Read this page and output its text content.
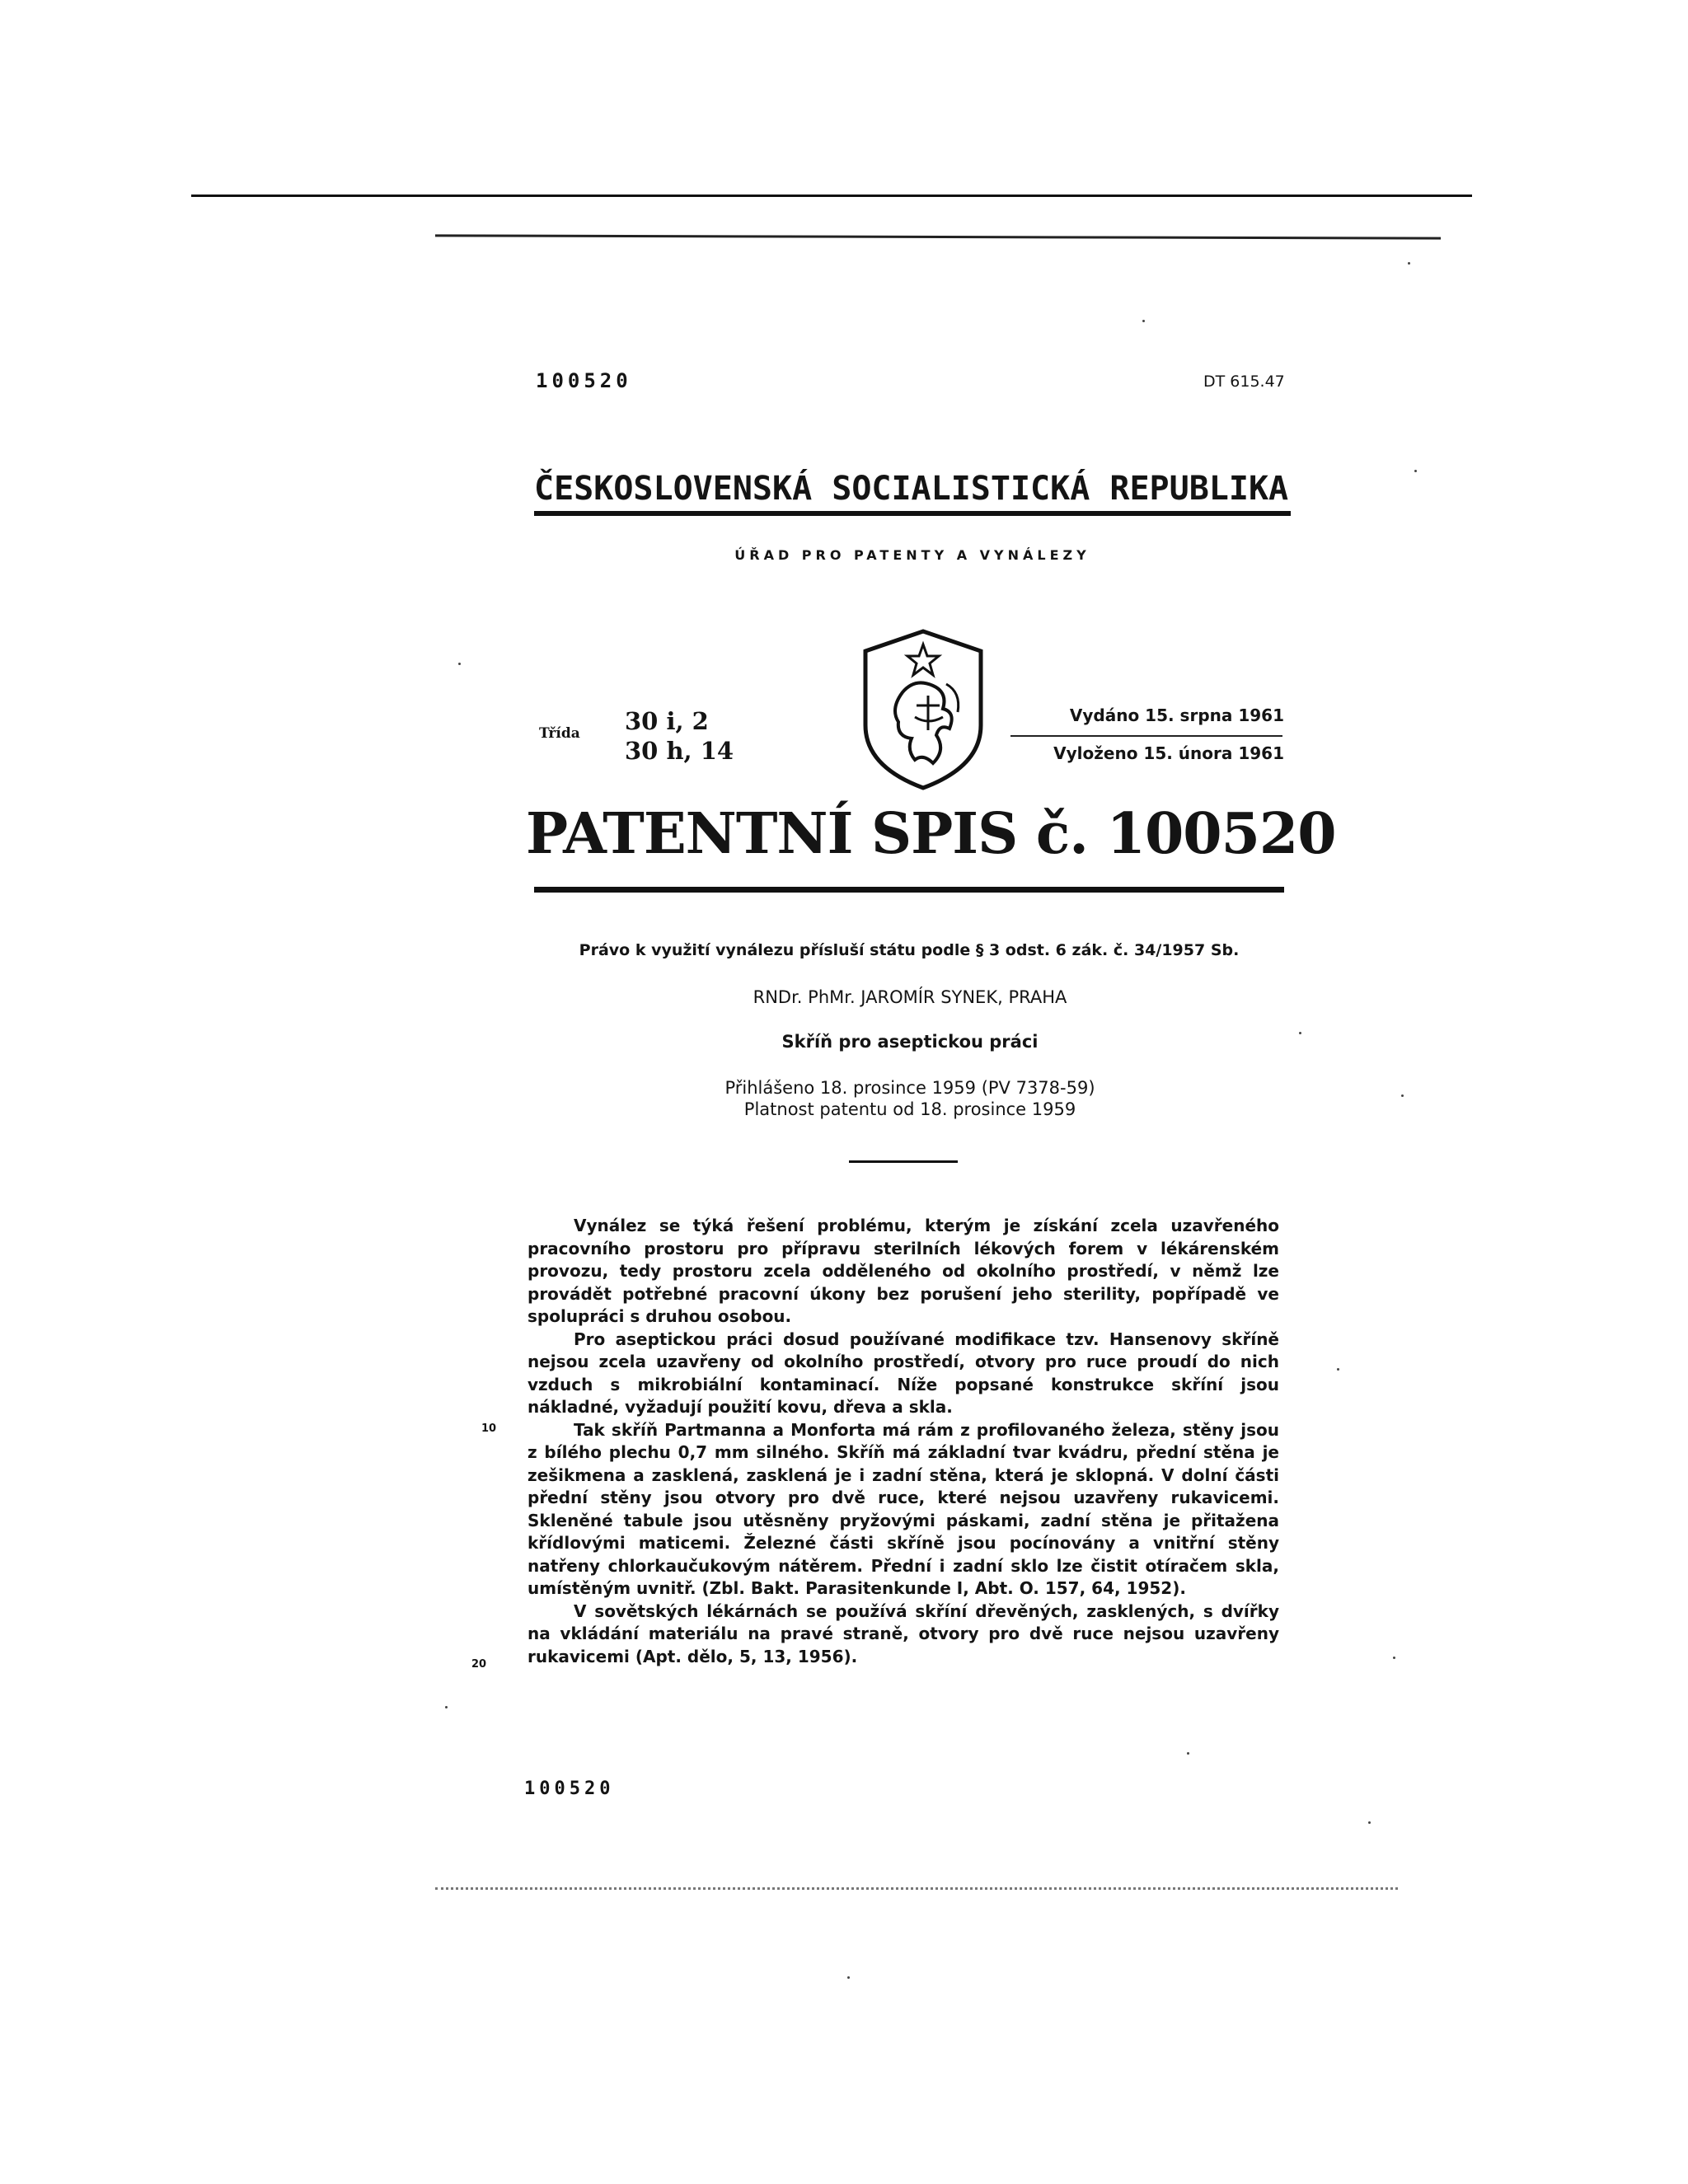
100520	DT 615.47
ČESKOSLOVENSKÁ SOCIALISTICKÁ REPUBLIKA
ÚŘAD PRO PATENTY A VYNÁLEZY
Třída 30 i, 2
30 h, 14
Vydáno 15. srpna 1961
Vyloženo 15. února 1961
PATENTNÍ SPIS č. 100520
Právo k využití vynálezu přísluší státu podle § 3 odst. 6 zák. č. 34/1957 Sb.
RNDr. PhMr. JAROMÍR SYNEK, PRAHA
Skříň pro aseptickou práci
Přihlášeno 18. prosince 1959 (PV 7378-59)
Platnost patentu od 18. prosince 1959

Vynález se týká řešení problému, kterým je získání zcela uzavřeného pracovního prostoru pro přípravu sterilních lékových forem v lékárenském provozu, tedy prostoru zcela odděleného od okolního prostředí, v němž lze provádět potřebné pracovní úkony bez porušení jeho sterility, popřípadě ve spolupráci s druhou osobou.

Pro aseptickou práci dosud používané modifikace tzv. Hansenovy skříně nejsou zcela uzavřeny od okolního prostředí, otvory pro ruce proudí do nich vzduch s mikrobiální kontaminací. Níže popsané konstrukce skříní jsou nákladné, vyžadují použití kovu, dřeva a skla.

Tak skříň Partmanna a Monforta má rám z profilovaného železa, stěny jsou z bílého plechu 0,7 mm silného. Skříň má základní tvar kvádru, přední stěna je zešikmena a zasklená, zasklená je i zadní stěna, která je sklopná. V dolní části přední stěny jsou otvory pro dvě ruce, které nejsou uzavřeny rukavicemi. Skleněné tabule jsou utěsněny pryžovými páskami, zadní stěna je přitažena křídlovými maticemi. Železné části skříně jsou pocínovány a vnitřní stěny natřeny chlorkaučukovým nátěrem. Přední i zadní sklo lze čistit otíračem skla, umístěným uvnitř. (Zbl. Bakt. Parasitenkunde I, Abt. O. 157, 64, 1952).

V sovětských lékárnách se používá skříní dřevěných, zasklených, s dvířky na vkládání materiálu na pravé straně, otvory pro dvě ruce nejsou uzavřeny rukavicemi (Apt. dělo, 5, 13, 1956).

10
20
100520
